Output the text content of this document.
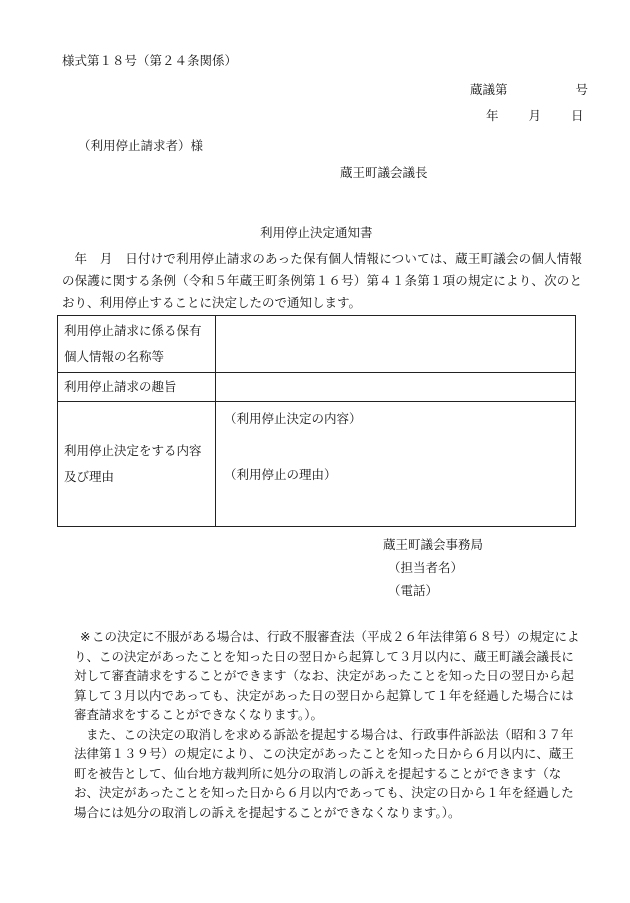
様式第１８号（第２４条関係）
蔵議第	号
年 月 日
（利用停止請求者）様
蔵王町議会議長
利用停止決定通知書
年　月　日付けで利用停止請求のあった保有個人情報については、蔵王町議会の個人情報の保護に関する条例（令和５年蔵王町条例第１６号）第４１条第１項の規定により、次のとおり、利用停止することに決定したので通知します。
利用停止請求に係る保有個人情報の名称等	
利用停止請求の趣旨	
利用停止決定をする内容及び理由	（利用停止決定の内容）
（利用停止の理由）
蔵王町議会事務局
（担当者名）
（電話）
※ この決定に不服がある場合は、行政不服審査法（平成２６年法律第６８号）の規定により、この決定があったことを知った日の翌日から起算して３月以内に、蔵王町議会議長に対して審査請求をすることができます（なお、決定があったことを知った日の翌日から起算して３月以内であっても、決定があった日の翌日から起算して１年を経過した場合には審査請求をすることができなくなります。）。
また、この決定の取消しを求める訴訟を提起する場合は、行政事件訴訟法（昭和３７年法律第１３９号）の規定により、この決定があったことを知った日から６月以内に、蔵王町を被告として、仙台地方裁判所に処分の取消しの訴えを提起することができます（なお、決定があったことを知った日から６月以内であっても、決定の日から１年を経過した場合には処分の取消しの訴えを提起することができなくなります。）。
